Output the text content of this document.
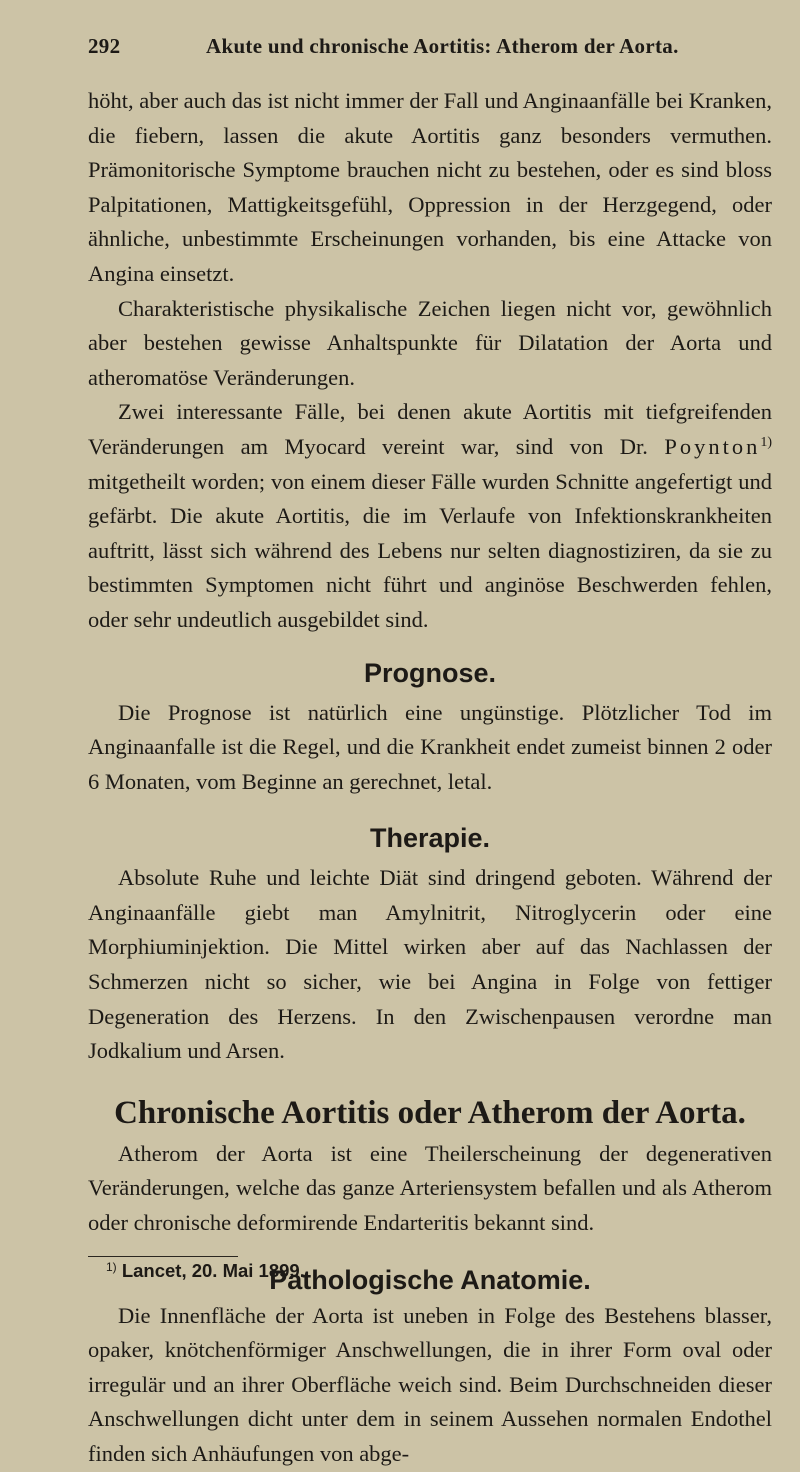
292	Akute und chronische Aortitis: Atherom der Aorta.

höht, aber auch das ist nicht immer der Fall und Anginaanfälle bei Kranken, die fiebern, lassen die akute Aortitis ganz besonders vermuthen. Prämonitorische Symptome brauchen nicht zu bestehen, oder es sind bloss Palpitationen, Mattigkeitsgefühl, Oppression in der Herzgegend, oder ähnliche, unbestimmte Erscheinungen vorhanden, bis eine Attacke von Angina einsetzt.

Charakteristische physikalische Zeichen liegen nicht vor, gewöhnlich aber bestehen gewisse Anhaltspunkte für Dilatation der Aorta und atheromatöse Veränderungen.

Zwei interessante Fälle, bei denen akute Aortitis mit tiefgreifenden Veränderungen am Myocard vereint war, sind von Dr. Poynton$^{1)}$ mitgetheilt worden; von einem dieser Fälle wurden Schnitte angefertigt und gefärbt. Die akute Aortitis, die im Verlaufe von Infektionskrankheiten auftritt, lässt sich während des Lebens nur selten diagnostiziren, da sie zu bestimmten Symptomen nicht führt und anginöse Beschwerden fehlen, oder sehr undeutlich ausgebildet sind.

Prognose.

Die Prognose ist natürlich eine ungünstige. Plötzlicher Tod im Anginaanfalle ist die Regel, und die Krankheit endet zumeist binnen 2 oder 6 Monaten, vom Beginne an gerechnet, letal.

Therapie.

Absolute Ruhe und leichte Diät sind dringend geboten. Während der Anginaanfälle giebt man Amylnitrit, Nitroglycerin oder eine Morphiuminjektion. Die Mittel wirken aber auf das Nachlassen der Schmerzen nicht so sicher, wie bei Angina in Folge von fettiger Degeneration des Herzens. In den Zwischenpausen verordne man Jodkalium und Arsen.

Chronische Aortitis oder Atherom der Aorta.

Atherom der Aorta ist eine Theilerscheinung der degenerativen Veränderungen, welche das ganze Arteriensystem befallen und als Atherom oder chronische deformirende Endarteritis bekannt sind.

Pathologische Anatomie.

Die Innenfläche der Aorta ist uneben in Folge des Bestehens blasser, opaker, knötchenförmiger Anschwellungen, die in ihrer Form oval oder irregulär und an ihrer Oberfläche weich sind. Beim Durchschneiden dieser Anschwellungen dicht unter dem in seinem Aussehen normalen Endothel finden sich Anhäufungen von abge-

$^{1)}$ Lancet, 20. Mai 1899.
